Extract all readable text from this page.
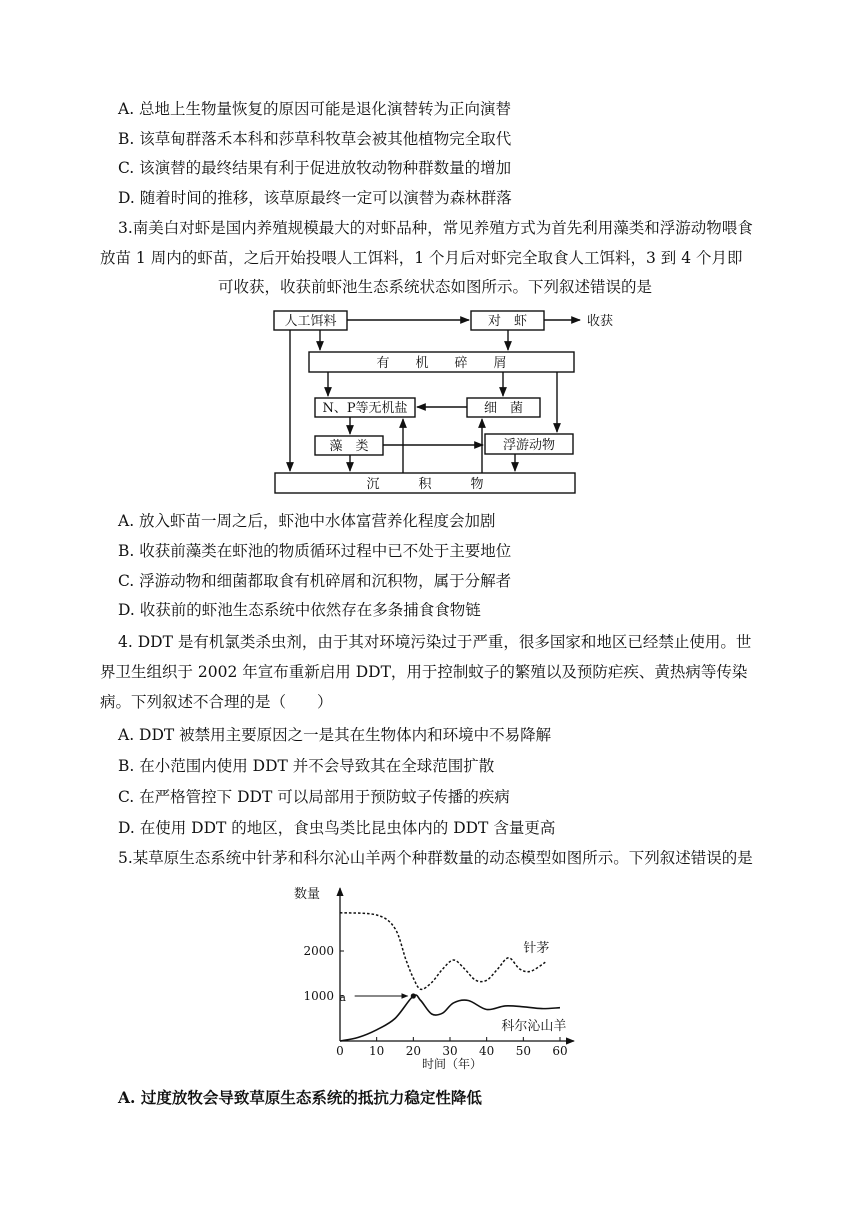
A. 总地上生物量恢复的原因可能是退化演替转为正向演替
B. 该草甸群落禾本科和莎草科牧草会被其他植物完全取代
C. 该演替的最终结果有利于促进放牧动物种群数量的增加
D. 随着时间的推移，该草原最终一定可以演替为森林群落
3.南美白对虾是国内养殖规模最大的对虾品种，常见养殖方式为首先利用藻类和浮游动物喂食
放苗 1 周内的虾苗，之后开始投喂人工饵料，1 个月后对虾完全取食人工饵料，3 到 4 个月即
可收获，收获前虾池生态系统状态如图所示。下列叙述错误的是
人工饵料	对　虾	收获
有　　机　　碎　　屑
N、P等无机盐	细　菌
藻　类	浮游动物
沉　　　积　　　物
A. 放入虾苗一周之后，虾池中水体富营养化程度会加剧
B. 收获前藻类在虾池的物质循环过程中已不处于主要地位
C. 浮游动物和细菌都取食有机碎屑和沉积物，属于分解者
D. 收获前的虾池生态系统中依然存在多条捕食食物链
4. DDT 是有机氯类杀虫剂，由于其对环境污染过于严重，很多国家和地区已经禁止使用。世
界卫生组织于 2002 年宣布重新启用 DDT，用于控制蚊子的繁殖以及预防疟疾、黄热病等传染
病。下列叙述不合理的是（　　）
A. DDT 被禁用主要原因之一是其在生物体内和环境中不易降解
B. 在小范围内使用 DDT 并不会导致其在全球范围扩散
C. 在严格管控下 DDT 可以局部用于预防蚊子传播的疾病
D. 在使用 DDT 的地区，食虫鸟类比昆虫体内的 DDT 含量更高
5.某草原生态系统中针茅和科尔沁山羊两个种群数量的动态模型如图所示。下列叙述错误的是
数量
时间（年）
0 10 20 30 40 50 60
1000
2000	针茅
科尔沁山羊
a
A. 过度放牧会导致草原生态系统的抵抗力稳定性降低
